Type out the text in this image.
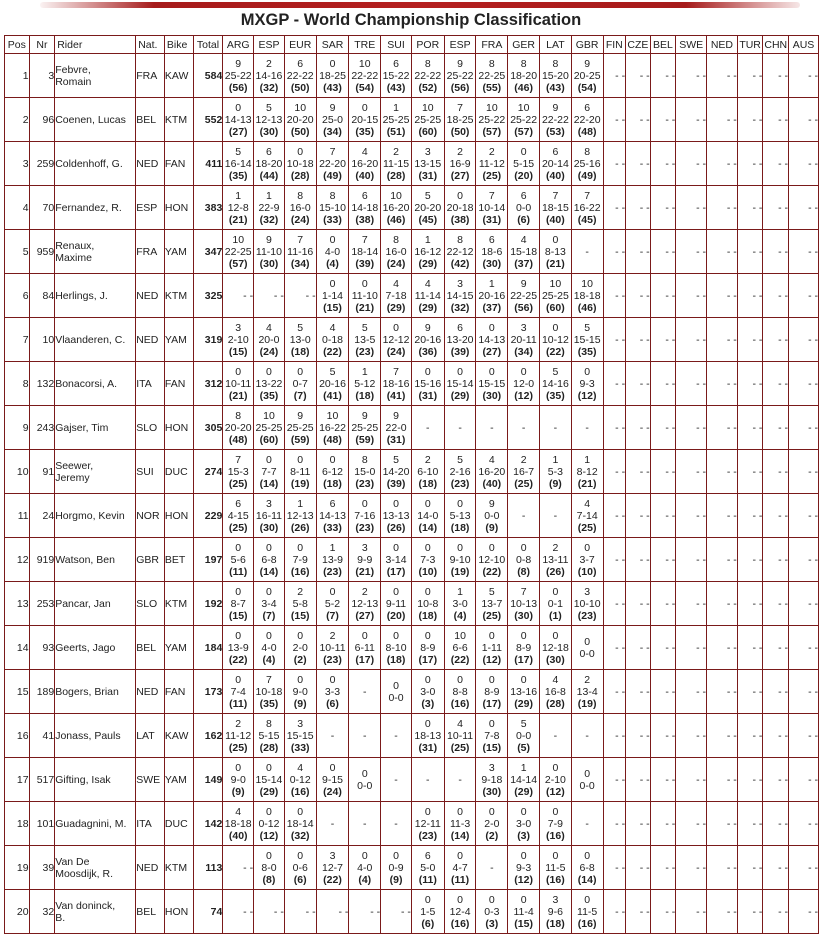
MXGP - World Championship Classification
Pos	Nr	Rider	Nat.	Bike	Total	ARG	ESP	EUR	SAR	TRE	SUI	POR	ESP	FRA	GER	LAT	GBR	FIN	CZE	BEL	SWE	NED	TUR	CHN	AUS
1	3	Febvre,
Romain	FRA	KAW	584	9
25-22
(56)	2
14-16
(32)	6
22-22
(50)	0
18-25
(43)	10
22-22
(54)	6
15-22
(43)	8
22-22
(52)	9
25-22
(56)	8
22-25
(55)	8
18-20
(46)	8
15-20
(43)	9
20-25
(54)	- -	- -	- -	- -	- -	- -	- -	- -
2	96	Coenen, Lucas	BEL	KTM	552	0
14-13
(27)	5
12-13
(30)	10
20-20
(50)	9
25-0
(34)	0
20-15
(35)	1
25-25
(51)	10
25-25
(60)	7
18-25
(50)	10
25-22
(57)	10
25-22
(57)	9
22-22
(53)	6
22-20
(48)	- -	- -	- -	- -	- -	- -	- -	- -
3	259	Coldenhoff, G.	NED	FAN	411	5
16-14
(35)	6
18-20
(44)	0
10-18
(28)	7
22-20
(49)	4
16-20
(40)	2
11-15
(28)	3
13-15
(31)	2
16-9
(27)	2
11-12
(25)	0
5-15
(20)	6
20-14
(40)	8
25-16
(49)	- -	- -	- -	- -	- -	- -	- -	- -
4	70	Fernandez, R.	ESP	HON	383	1
12-8
(21)	1
22-9
(32)	8
16-0
(24)	8
15-10
(33)	6
14-18
(38)	10
16-20
(46)	5
20-20
(45)	0
20-18
(38)	7
10-14
(31)	6
0-0
(6)	7
18-15
(40)	7
16-22
(45)	- -	- -	- -	- -	- -	- -	- -	- -
5	959	Renaux,
Maxime	FRA	YAM	347	10
22-25
(57)	9
11-10
(30)	7
11-16
(34)	0
4-0
(4)	7
18-14
(39)	8
16-0
(24)	1
16-12
(29)	8
22-12
(42)	6
18-6
(30)	4
15-18
(37)	0
8-13
(21)	-	- -	- -	- -	- -	- -	- -	- -	- -
6	84	Herlings, J.	NED	KTM	325	- -	- -	- -	0
1-14
(15)	0
11-10
(21)	4
7-18
(29)	4
11-14
(29)	3
14-15
(32)	1
20-16
(37)	9
22-25
(56)	10
25-25
(60)	10
18-18
(46)	- -	- -	- -	- -	- -	- -	- -	- -
7	10	Vlaanderen, C.	NED	YAM	319	3
2-10
(15)	4
20-0
(24)	5
13-0
(18)	4
0-18
(22)	5
13-5
(23)	0
12-12
(24)	9
20-16
(36)	6
13-20
(39)	0
14-13
(27)	3
20-11
(34)	0
10-12
(22)	5
15-15
(35)	- -	- -	- -	- -	- -	- -	- -	- -
8	132	Bonacorsi, A.	ITA	FAN	312	0
10-11
(21)	0
13-22
(35)	0
0-7
(7)	5
20-16
(41)	1
5-12
(18)	7
18-16
(41)	0
15-16
(31)	0
15-14
(29)	0
15-15
(30)	0
12-0
(12)	5
14-16
(35)	0
9-3
(12)	- -	- -	- -	- -	- -	- -	- -	- -
9	243	Gajser, Tim	SLO	HON	305	8
20-20
(48)	10
25-25
(60)	9
25-25
(59)	10
16-22
(48)	9
25-25
(59)	9
22-0
(31)	-	-	-	-	-	-	- -	- -	- -	- -	- -	- -	- -	- -
10	91	Seewer,
Jeremy	SUI	DUC	274	7
15-3
(25)	0
7-7
(14)	0
8-11
(19)	0
6-12
(18)	8
15-0
(23)	5
14-20
(39)	2
6-10
(18)	5
2-16
(23)	4
16-20
(40)	2
16-7
(25)	1
5-3
(9)	1
8-12
(21)	- -	- -	- -	- -	- -	- -	- -	- -
11	24	Horgmo, Kevin	NOR	HON	229	6
4-15
(25)	3
16-11
(30)	1
12-13
(26)	6
14-13
(33)	0
7-16
(23)	0
13-13
(26)	0
14-0
(14)	0
5-13
(18)	9
0-0
(9)	-	-	4
7-14
(25)	- -	- -	- -	- -	- -	- -	- -	- -
12	919	Watson, Ben	GBR	BET	197	0
5-6
(11)	0
6-8
(14)	0
7-9
(16)	1
13-9
(23)	3
9-9
(21)	0
3-14
(17)	0
7-3
(10)	0
9-10
(19)	0
12-10
(22)	0
0-8
(8)	2
13-11
(26)	0
3-7
(10)	- -	- -	- -	- -	- -	- -	- -	- -
13	253	Pancar, Jan	SLO	KTM	192	0
8-7
(15)	0
3-4
(7)	2
5-8
(15)	0
5-2
(7)	2
12-13
(27)	0
9-11
(20)	0
10-8
(18)	1
3-0
(4)	5
13-7
(25)	7
10-13
(30)	0
0-1
(1)	3
10-10
(23)	- -	- -	- -	- -	- -	- -	- -	- -
14	93	Geerts, Jago	BEL	YAM	184	0
13-9
(22)	0
4-0
(4)	0
2-0
(2)	2
10-11
(23)	0
6-11
(17)	0
8-10
(18)	0
8-9
(17)	10
6-6
(22)	0
1-11
(12)	0
8-9
(17)	0
12-18
(30)	0
0-0	- -	- -	- -	- -	- -	- -	- -	- -
15	189	Bogers, Brian	NED	FAN	173	0
7-4
(11)	7
10-18
(35)	0
9-0
(9)	0
3-3
(6)	-	0
0-0	0
3-0
(3)	0
8-8
(16)	0
8-9
(17)	0
13-16
(29)	4
16-8
(28)	2
13-4
(19)	- -	- -	- -	- -	- -	- -	- -	- -
16	41	Jonass, Pauls	LAT	KAW	162	2
11-12
(25)	8
5-15
(28)	3
15-15
(33)	-	-	-	0
18-13
(31)	4
10-11
(25)	0
7-8
(15)	5
0-0
(5)	-	-	- -	- -	- -	- -	- -	- -	- -	- -
17	517	Gifting, Isak	SWE	YAM	149	0
9-0
(9)	0
15-14
(29)	4
0-12
(16)	0
9-15
(24)	0
0-0	-	-	-	3
9-18
(30)	1
14-14
(29)	0
2-10
(12)	0
0-0	- -	- -	- -	- -	- -	- -	- -	- -
18	101	Guadagnini, M.	ITA	DUC	142	4
18-18
(40)	0
0-12
(12)	0
18-14
(32)	-	-	-	0
12-11
(23)	0
11-3
(14)	0
2-0
(2)	0
3-0
(3)	0
7-9
(16)	-	- -	- -	- -	- -	- -	- -	- -	- -
19	39	Van De
Moosdijk, R.	NED	KTM	113	- -	0
8-0
(8)	0
0-6
(6)	3
12-7
(22)	0
4-0
(4)	0
0-9
(9)	6
5-0
(11)	0
4-7
(11)	-	0
9-3
(12)	0
11-5
(16)	0
6-8
(14)	- -	- -	- -	- -	- -	- -	- -	- -
20	32	Van doninck,
B.	BEL	HON	74	- -	- -	- -	- -	- -	- -	0
1-5
(6)	0
12-4
(16)	0
0-3
(3)	0
11-4
(15)	3
9-6
(18)	0
11-5
(16)	- -	- -	- -	- -	- -	- -	- -	- -
